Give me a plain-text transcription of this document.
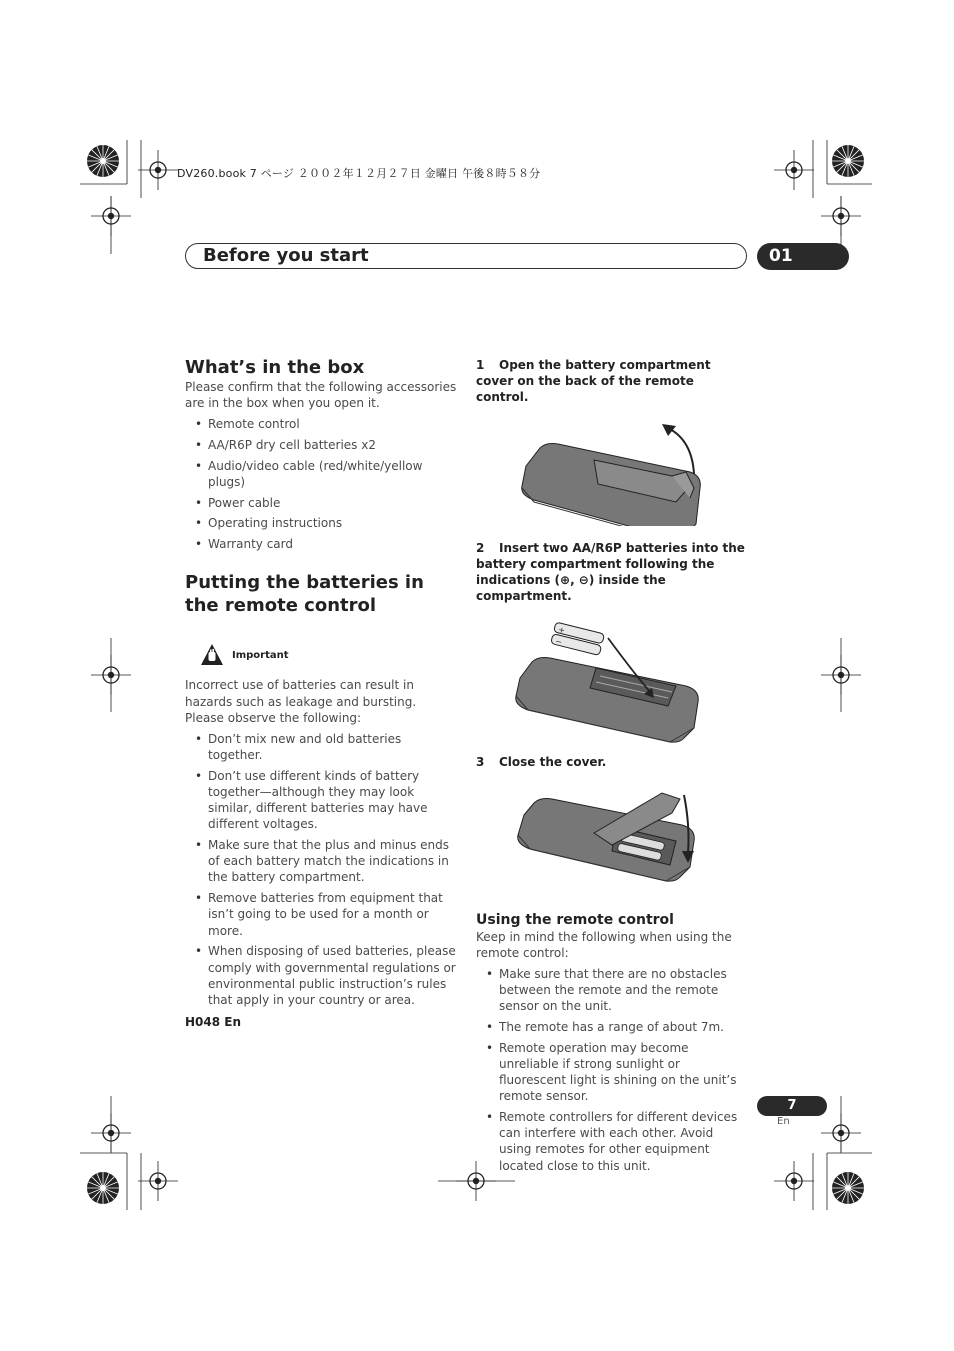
DV260.book 7 ページ ２００２年１２月２７日 金曜日 午後８時５８分
Before you start	01
What’s in the box

Please confirm that the following accessories are in the box when you open it.

• Remote control
• AA/R6P dry cell batteries x2
• Audio/video cable (red/white/yellow plugs)
• Power cable
• Operating instructions
• Warranty card
Putting the batteries in the remote control
Important

Incorrect use of batteries can result in hazards such as leakage and bursting. Please observe the following:

• Don’t mix new and old batteries together.
• Don’t use different kinds of battery together—although they may look similar, different batteries may have different voltages.
• Make sure that the plus and minus ends of each battery match the indications in the battery compartment.
• Remove batteries from equipment that isn’t going to be used for a month or more.
• When disposing of used batteries, please comply with governmental regulations or environmental public instruction’s rules that apply in your country or area.
H048 En

1 Open the battery compartment cover on the back of the remote control.

2 Insert two AA/R6P batteries into the battery compartment following the indications (⊕, ⊖) inside the compartment.

+
−

3 Close the cover.

Using the remote control

Keep in mind the following when using the remote control:

• Make sure that there are no obstacles between the remote and the remote sensor on the unit.
• The remote has a range of about 7m.
• Remote operation may become unreliable if strong sunlight or fluorescent light is shining on the unit’s remote sensor.
• Remote controllers for different devices can interfere with each other. Avoid using remotes for other equipment located close to this unit.
7
En
